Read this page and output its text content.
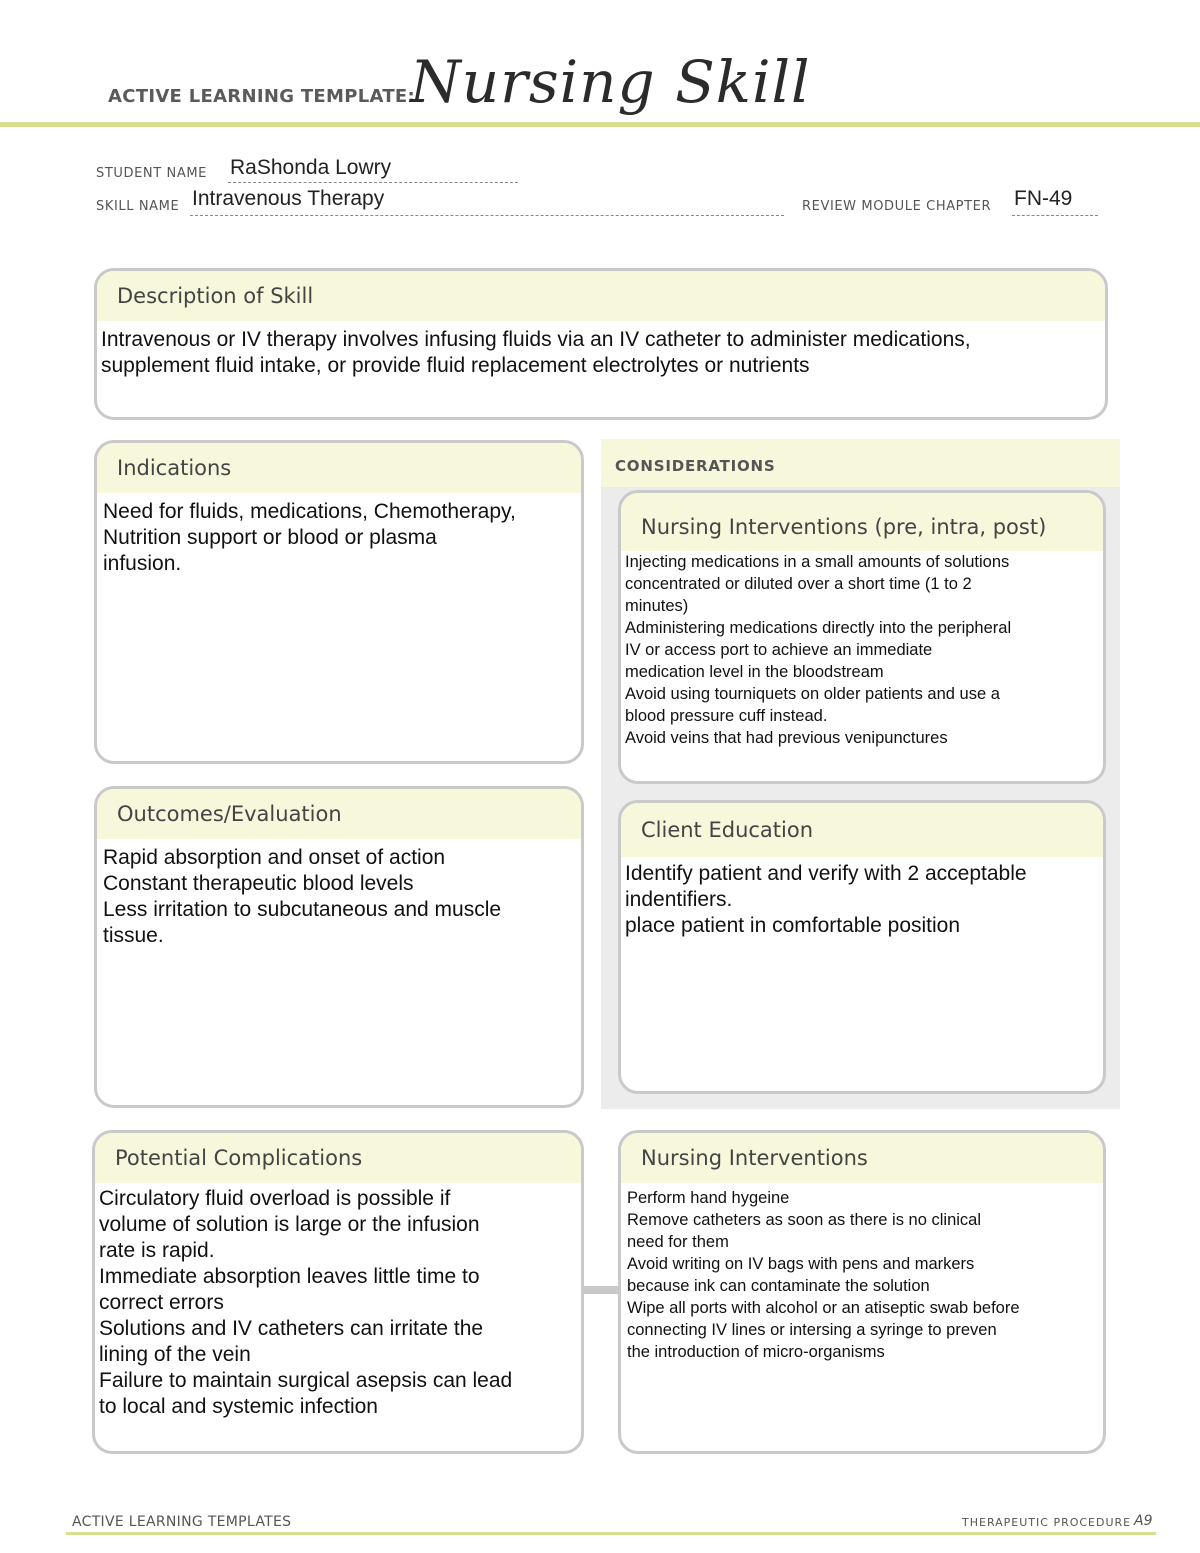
ACTIVE LEARNING TEMPLATE:
Nursing Skill
STUDENT NAME RaShonda Lowry
SKILL NAME Intravenous Therapy	REVIEW MODULE CHAPTER FN-49
Description of Skill
Intravenous or IV therapy involves infusing fluids via an IV catheter to administer medications,
supplement fluid intake, or provide fluid replacement electrolytes or nutrients
Indications
Need for fluids, medications, Chemotherapy,
Nutrition support or blood or plasma
infusion.
CONSIDERATIONS
Nursing Interventions (pre, intra, post)
Injecting medications in a small amounts of solutions
concentrated or diluted over a short time (1 to 2
minutes)
Administering medications directly into the peripheral
IV or access port to achieve an immediate
medication level in the bloodstream
Avoid using tourniquets on older patients and use a
blood pressure cuff instead.
Avoid veins that had previous venipunctures
Client Education
Identify patient and verify with 2 acceptable
indentifiers.
place patient in comfortable position
Outcomes/Evaluation
Rapid absorption and onset of action
Constant therapeutic blood levels
Less irritation to subcutaneous and muscle
tissue.
Potential Complications
Circulatory fluid overload is possible if
volume of solution is large or the infusion
rate is rapid.
Immediate absorption leaves little time to
correct errors
Solutions and IV catheters can irritate the
lining of the vein
Failure to maintain surgical asepsis can lead
to local and systemic infection
Nursing Interventions
Perform hand hygeine
Remove catheters as soon as there is no clinical
need for them
Avoid writing on IV bags with pens and markers
because ink can contaminate the solution
Wipe all ports with alcohol or an atiseptic swab before
connecting IV lines or intersing a syringe to preven
the introduction of micro-organisms
ACTIVE LEARNING TEMPLATES	THERAPEUTIC PROCEDURE A9
